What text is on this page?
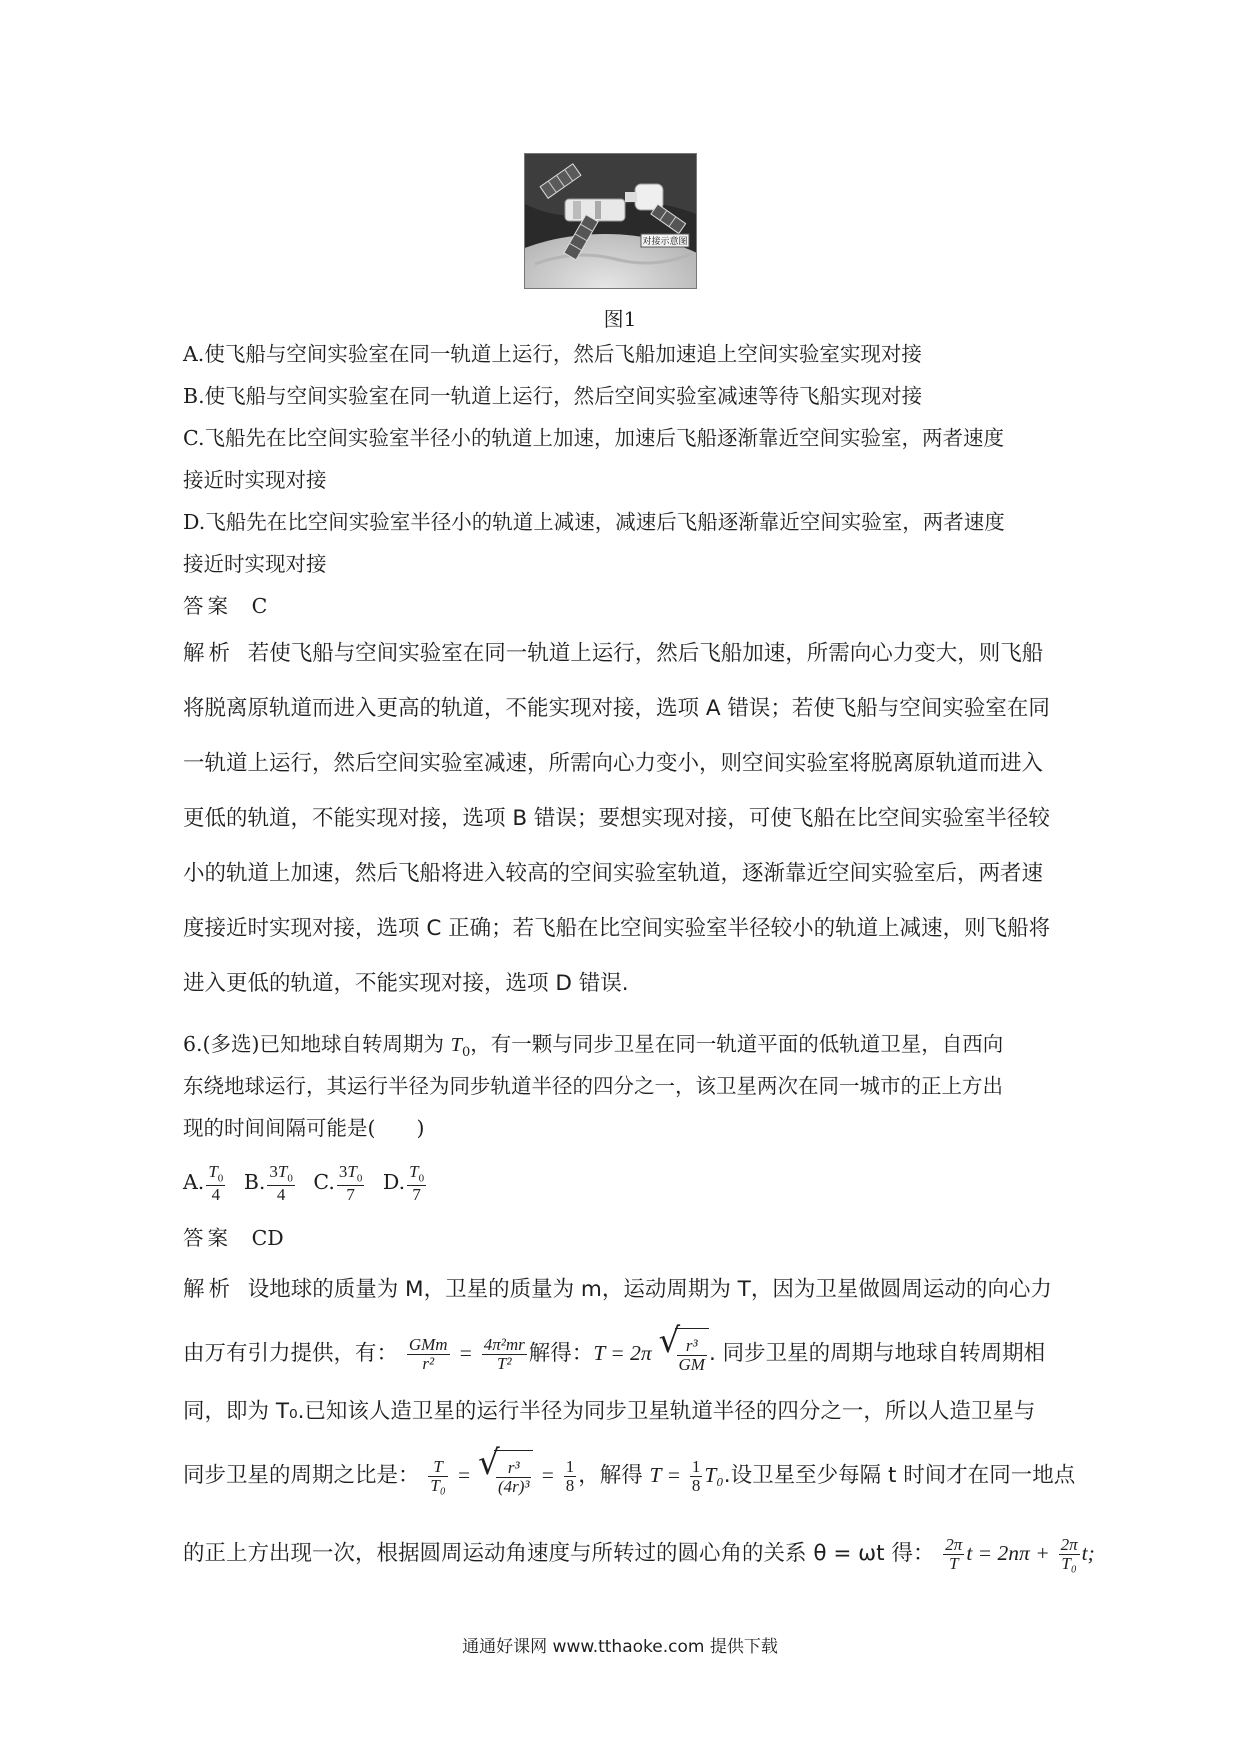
对接示意图
图1
A.使飞船与空间实验室在同一轨道上运行，然后飞船加速追上空间实验室实现对接
B.使飞船与空间实验室在同一轨道上运行，然后空间实验室减速等待飞船实现对接
C.飞船先在比空间实验室半径小的轨道上加速，加速后飞船逐渐靠近空间实验室，两者速度
接近时实现对接
D.飞船先在比空间实验室半径小的轨道上减速，减速后飞船逐渐靠近空间实验室，两者速度
接近时实现对接
答案 C
解析 若使飞船与空间实验室在同一轨道上运行，然后飞船加速，所需向心力变大，则飞船
将脱离原轨道而进入更高的轨道，不能实现对接，选项 A 错误；若使飞船与空间实验室在同
一轨道上运行，然后空间实验室减速，所需向心力变小，则空间实验室将脱离原轨道而进入
更低的轨道，不能实现对接，选项 B 错误；要想实现对接，可使飞船在比空间实验室半径较
小的轨道上加速，然后飞船将进入较高的空间实验室轨道，逐渐靠近空间实验室后，两者速
度接近时实现对接，选项 C 正确；若飞船在比空间实验室半径较小的轨道上减速，则飞船将
进入更低的轨道，不能实现对接，选项 D 错误.
6.(多选)已知地球自转周期为 $T_0$，有一颗与同步卫星在同一轨道平面的低轨道卫星，自西向
东绕地球运行，其运行半径为同步轨道半径的四分之一，该卫星两次在同一城市的正上方出
现的时间间隔可能是(　　)
A. $\frac{T_0}{4} B$. $\frac{3T_0}{4} C$. $\frac{3T_0}{7} D$. $\frac{T_0}{7}$
答案 CD
解析 设地球的质量为 M，卫星的质量为 m，运动周期为 T，因为卫星做圆周运动的向心力
由万有引力提供，有： $\frac{\text{GMm}}{\text{r²}} = \frac{\text{4π²mr}}{\text{T²}}$ 解得：T = 2π √
$\frac{\text{r³}}{GM}$ . 同步卫星的周期与地球自转周期相
同，即为 T₀.已知该人造卫星的运行半径为同步卫星轨道半径的四分之一，所以人造卫星与
同步卫星的周期之比是： $\frac{T}{\text{T₀}}$ = √
$\frac{\text{r³}}{\text{(4r)³}} = \frac{1}{8}$ ，解得 $T = \frac{1}{8} T_0$.设卫星至少每隔 t 时间才在同一地点
的正上方出现一次，根据圆周运动角速度与所转过的圆心角的关系 θ = ωt 得： $\frac{2\pi}{T}$ $t = 2n\pi + \frac{2\pi}{\text{T₀}} t$;
通通好课网 www.tthaoke.com 提供下载
